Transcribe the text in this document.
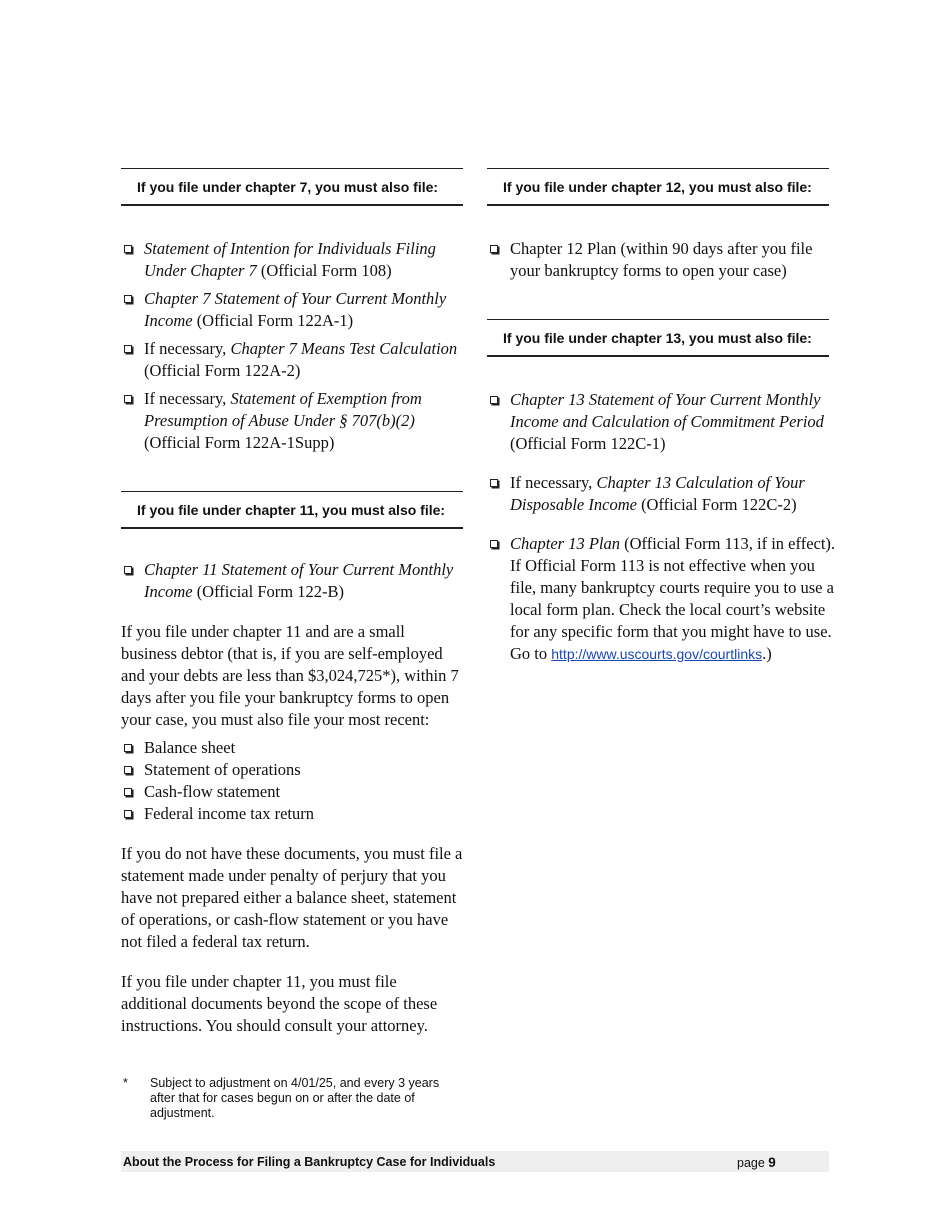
If you file under chapter 7, you must also file:
Statement of Intention for Individuals Filing Under Chapter 7 (Official Form 108)
Chapter 7 Statement of Your Current Monthly Income (Official Form 122A-1)
If necessary, Chapter 7 Means Test Calculation (Official Form 122A-2)
If necessary, Statement of Exemption from Presumption of Abuse Under § 707(b)(2) (Official Form 122A-1Supp)
If you file under chapter 11, you must also file:
Chapter 11 Statement of Your Current Monthly Income (Official Form 122-B)
If you file under chapter 11 and are a small business debtor (that is, if you are self-employed and your debts are less than $3,024,725*), within 7 days after you file your bankruptcy forms to open your case, you must also file your most recent:
Balance sheet
Statement of operations
Cash-flow statement
Federal income tax return
If you do not have these documents, you must file a statement made under penalty of perjury that you have not prepared either a balance sheet, statement of operations, or cash-flow statement or you have not filed a federal tax return.
If you file under chapter 11, you must file additional documents beyond the scope of these instructions. You should consult your attorney.
If you file under chapter 12, you must also file:
Chapter 12 Plan (within 90 days after you file your bankruptcy forms to open your case)
If you file under chapter 13, you must also file:
Chapter 13 Statement of Your Current Monthly Income and Calculation of Commitment Period (Official Form 122C-1)
If necessary, Chapter 13 Calculation of Your Disposable Income (Official Form 122C-2)
Chapter 13 Plan (Official Form 113, if in effect). If Official Form 113 is not effective when you file, many bankruptcy courts require you to use a local form plan. Check the local court’s website for any specific form that you might have to use. Go to http://www.uscourts.gov/courtlinks.)
* Subject to adjustment on 4/01/25, and every 3 years after that for cases begun on or after the date of adjustment.
About the Process for Filing a Bankruptcy Case for Individuals	page 9
